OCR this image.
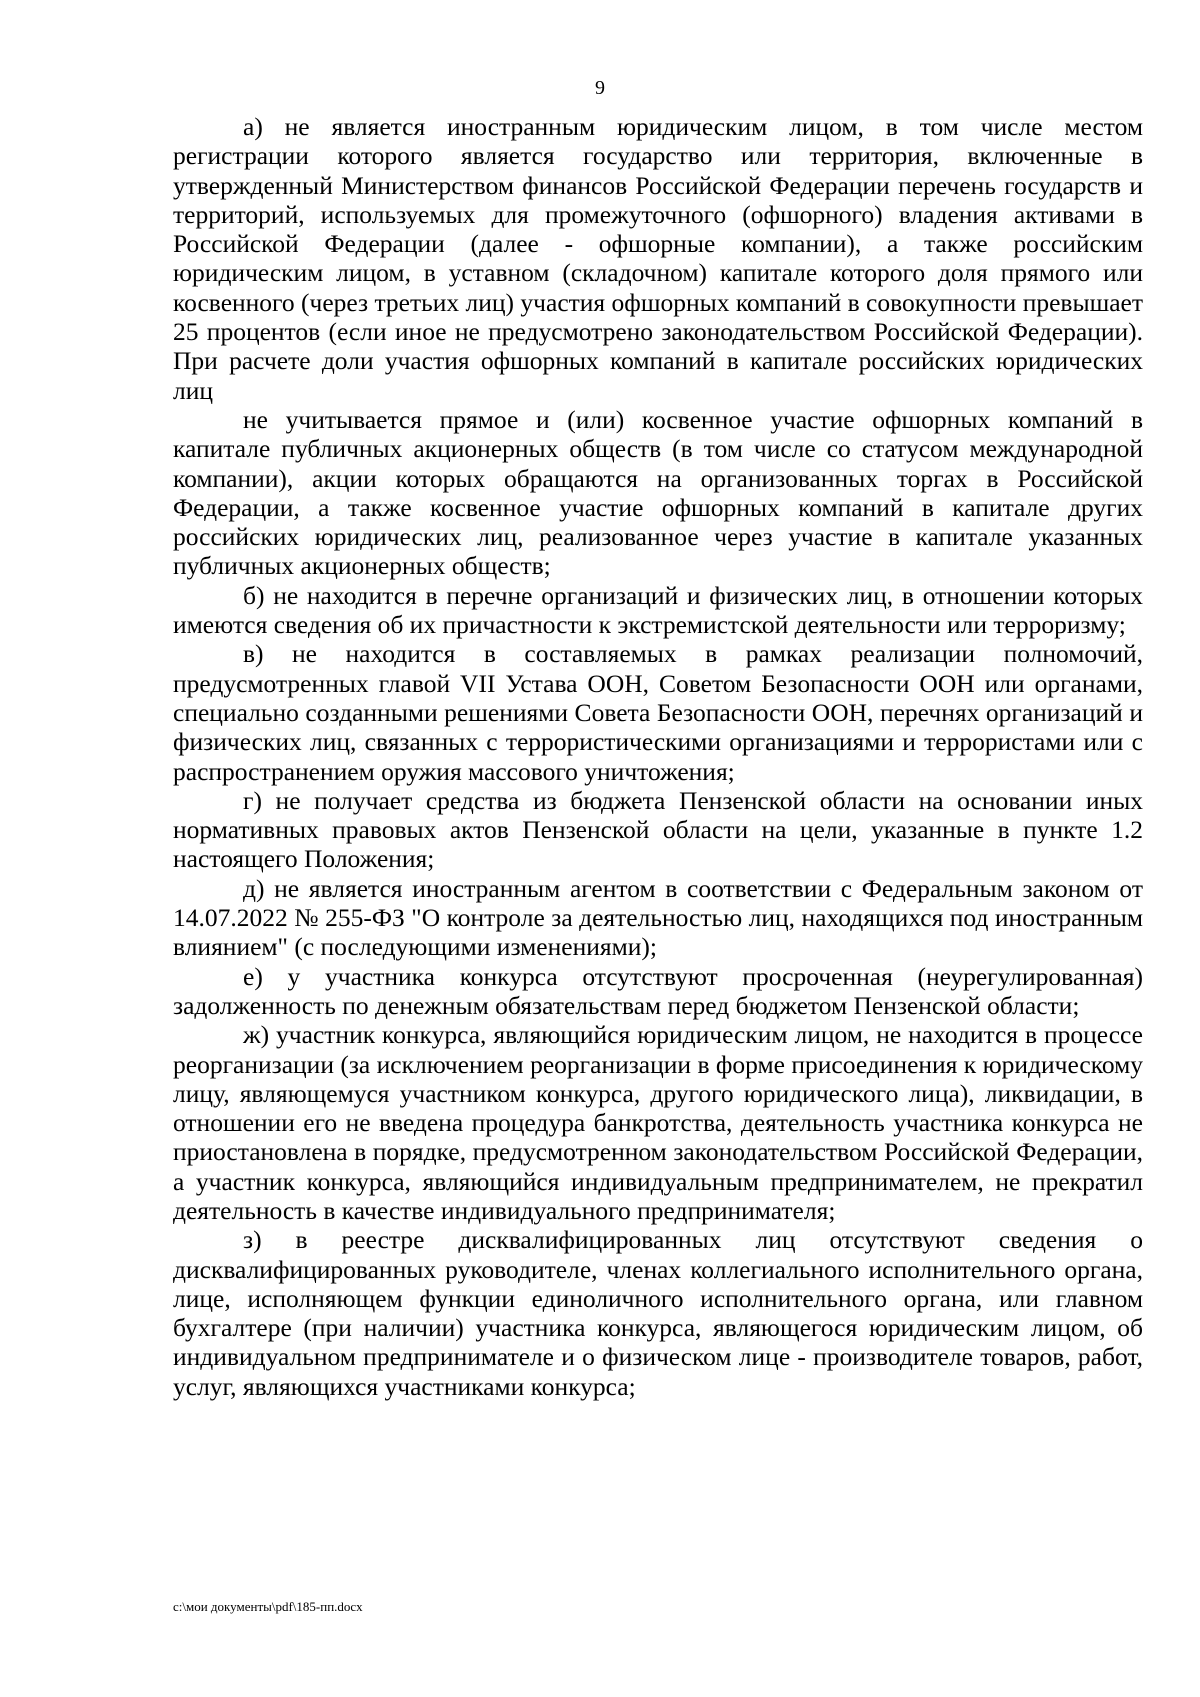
9

а) не является иностранным юридическим лицом, в том числе местом регистрации которого является государство или территория, включенные в утвержденный Министерством финансов Российской Федерации перечень государств и территорий, используемых для промежуточного (офшорного) владения активами в Российской Федерации (далее - офшорные компании), а также российским юридическим лицом, в уставном (складочном) капитале которого доля прямого или косвенного (через третьих лиц) участия офшорных компаний в совокупности превышает 25 процентов (если иное не предусмотрено законодательством Российской Федерации). При расчете доли участия офшорных компаний в капитале российских юридических лиц

не учитывается прямое и (или) косвенное участие офшорных компаний в капитале публичных акционерных обществ (в том числе со статусом международной компании), акции которых обращаются на организованных торгах в Российской Федерации, а также косвенное участие офшорных компаний в капитале других российских юридических лиц, реализованное через участие в капитале указанных публичных акционерных обществ;

б) не находится в перечне организаций и физических лиц, в отношении которых имеются сведения об их причастности к экстремистской деятельности или терроризму;

в) не находится в составляемых в рамках реализации полномочий, предусмотренных главой VII Устава ООН, Советом Безопасности ООН или органами, специально созданными решениями Совета Безопасности ООН, перечнях организаций и физических лиц, связанных с террористическими организациями и террористами или с распространением оружия массового уничтожения;

г) не получает средства из бюджета Пензенской области на основании иных нормативных правовых актов Пензенской области на цели, указанные в пункте 1.2 настоящего Положения;

д) не является иностранным агентом в соответствии с Федеральным законом от 14.07.2022 № 255-ФЗ "О контроле за деятельностью лиц, находящихся под иностранным влиянием" (с последующими изменениями);

е) у участника конкурса отсутствуют просроченная (неурегулированная) задолженность по денежным обязательствам перед бюджетом Пензенской области;

ж) участник конкурса, являющийся юридическим лицом, не находится в процессе реорганизации (за исключением реорганизации в форме присоединения к юридическому лицу, являющемуся участником конкурса, другого юридического лица), ликвидации, в отношении его не введена процедура банкротства, деятельность участника конкурса не приостановлена в порядке, предусмотренном законодательством Российской Федерации, а участник конкурса, являющийся индивидуальным предпринимателем, не прекратил деятельность в качестве индивидуального предпринимателя;

з) в реестре дисквалифицированных лиц отсутствуют сведения о дисквалифицированных руководителе, членах коллегиального исполнительного органа, лице, исполняющем функции единоличного исполнительного органа, или главном бухгалтере (при наличии) участника конкурса, являющегося юридическим лицом, об индивидуальном предпринимателе и о физическом лице - производителе товаров, работ, услуг, являющихся участниками конкурса;

c:\мои документы\pdf\185-пп.docx
